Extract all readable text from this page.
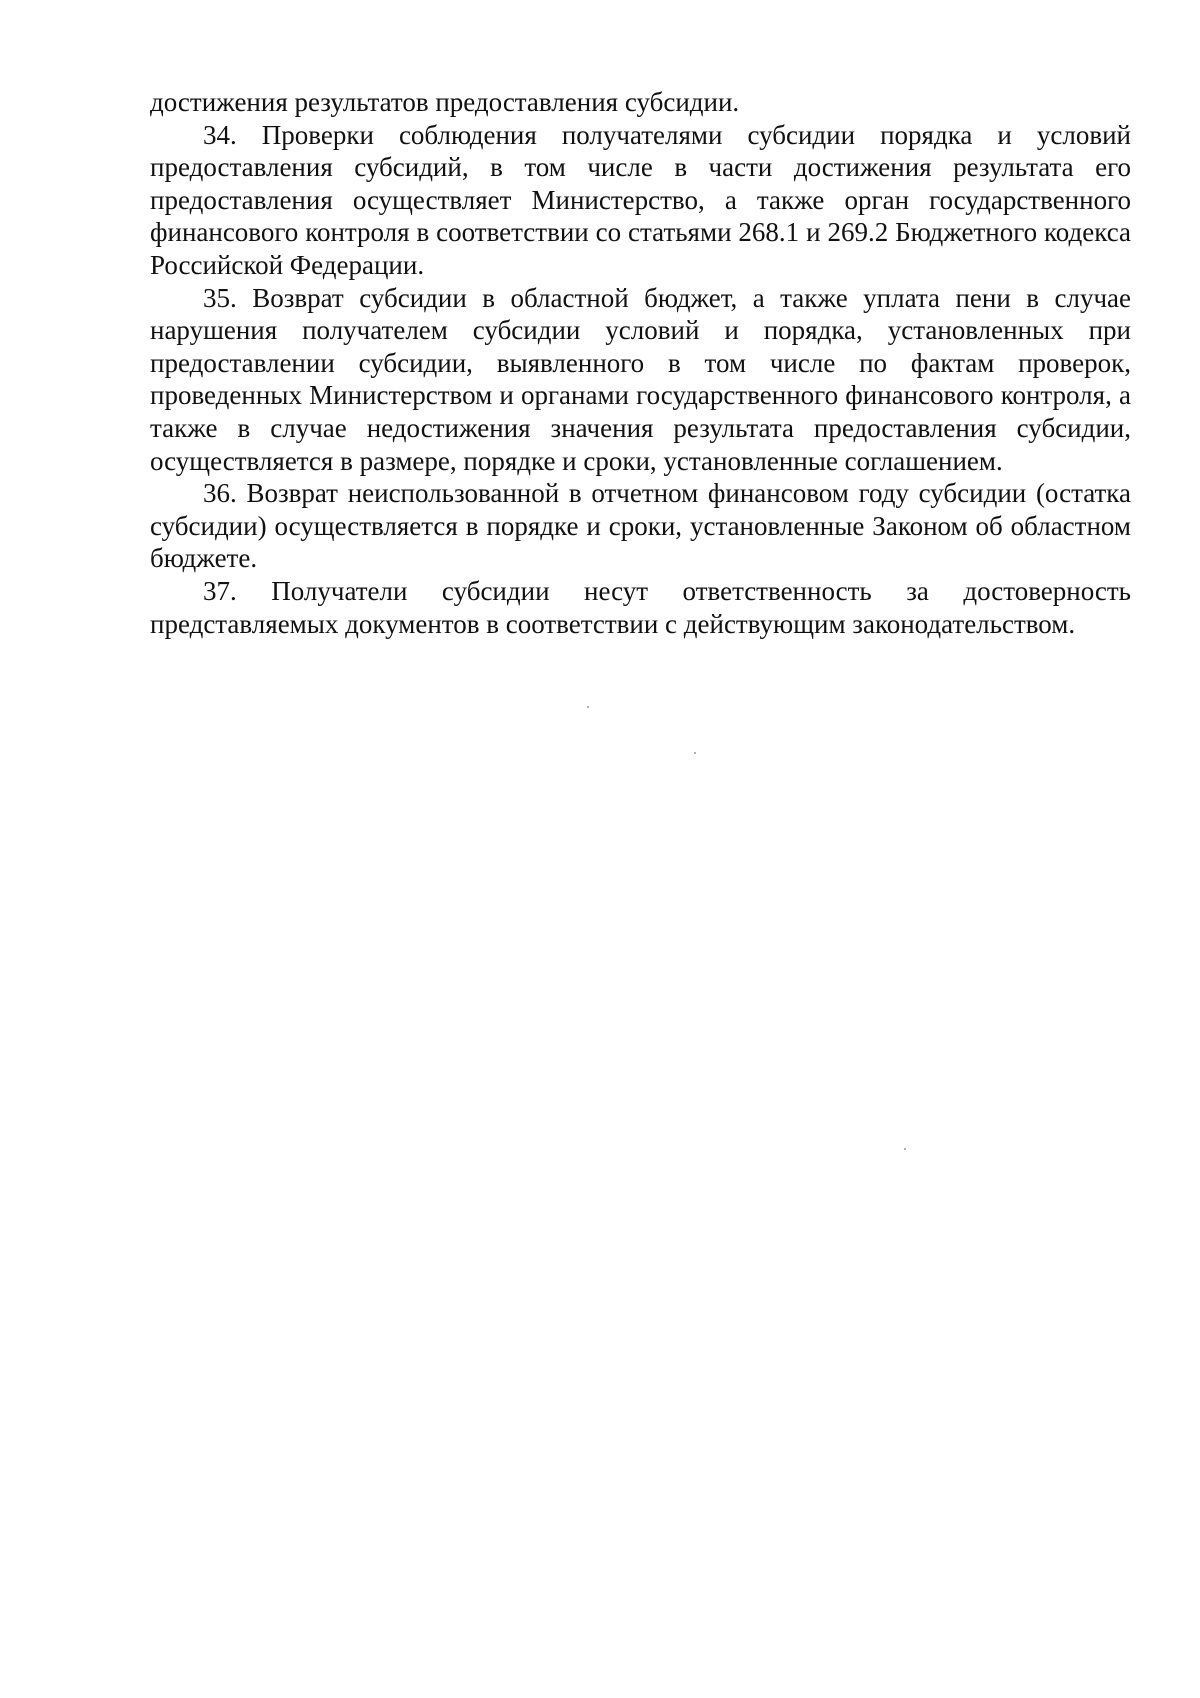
достижения результатов предоставления субсидии.

34. Проверки соблюдения получателями субсидии порядка и условий предоставления субсидий, в том числе в части достижения результата его предоставления осуществляет Министерство, а также орган государственного финансового контроля в соответствии со статьями 268.1 и 269.2 Бюджетного кодекса Российской Федерации.

35. Возврат субсидии в областной бюджет, а также уплата пени в случае нарушения получателем субсидии условий и порядка, установленных при предоставлении субсидии, выявленного в том числе по фактам проверок, проведенных Министерством и органами государственного финансового контроля, а также в случае недостижения значения результата предоставления субсидии, осуществляется в размере, порядке и сроки, установленные соглашением.

36. Возврат неиспользованной в отчетном финансовом году субсидии (остатка субсидии) осуществляется в порядке и сроки, установленные Законом об областном бюджете.

37. Получатели субсидии несут ответственность за достоверность представляемых документов в соответствии с действующим законодательством.
